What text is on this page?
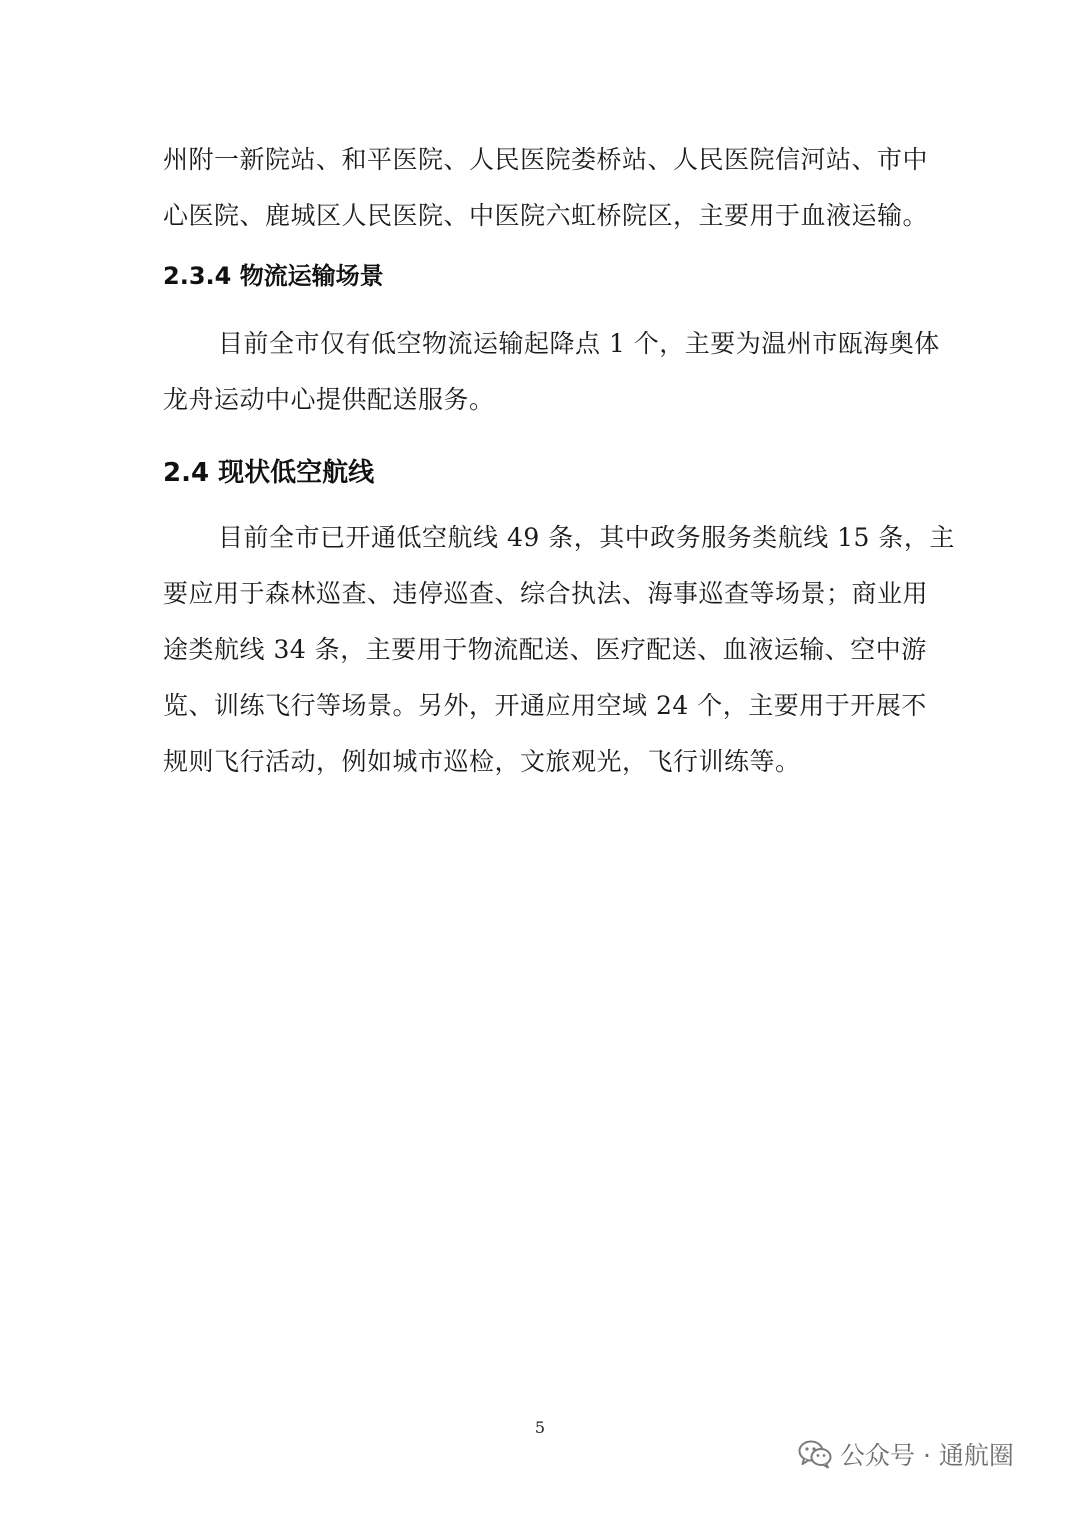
州附一新院站、和平医院、人民医院娄桥站、人民医院信河站、市中
心医院、鹿城区人民医院、中医院六虹桥院区，主要用于血液运输。
2.3.4 物流运输场景
目前全市仅有低空物流运输起降点 1 个，主要为温州市瓯海奥体
龙舟运动中心提供配送服务。
2.4 现状低空航线
目前全市已开通低空航线 49 条，其中政务服务类航线 15 条，主
要应用于森林巡查、违停巡查、综合执法、海事巡查等场景；商业用
途类航线 34 条，主要用于物流配送、医疗配送、血液运输、空中游
览、训练飞行等场景。另外，开通应用空域 24 个，主要用于开展不
规则飞行活动，例如城市巡检，文旅观光，飞行训练等。
5
公众号 · 通航圈
